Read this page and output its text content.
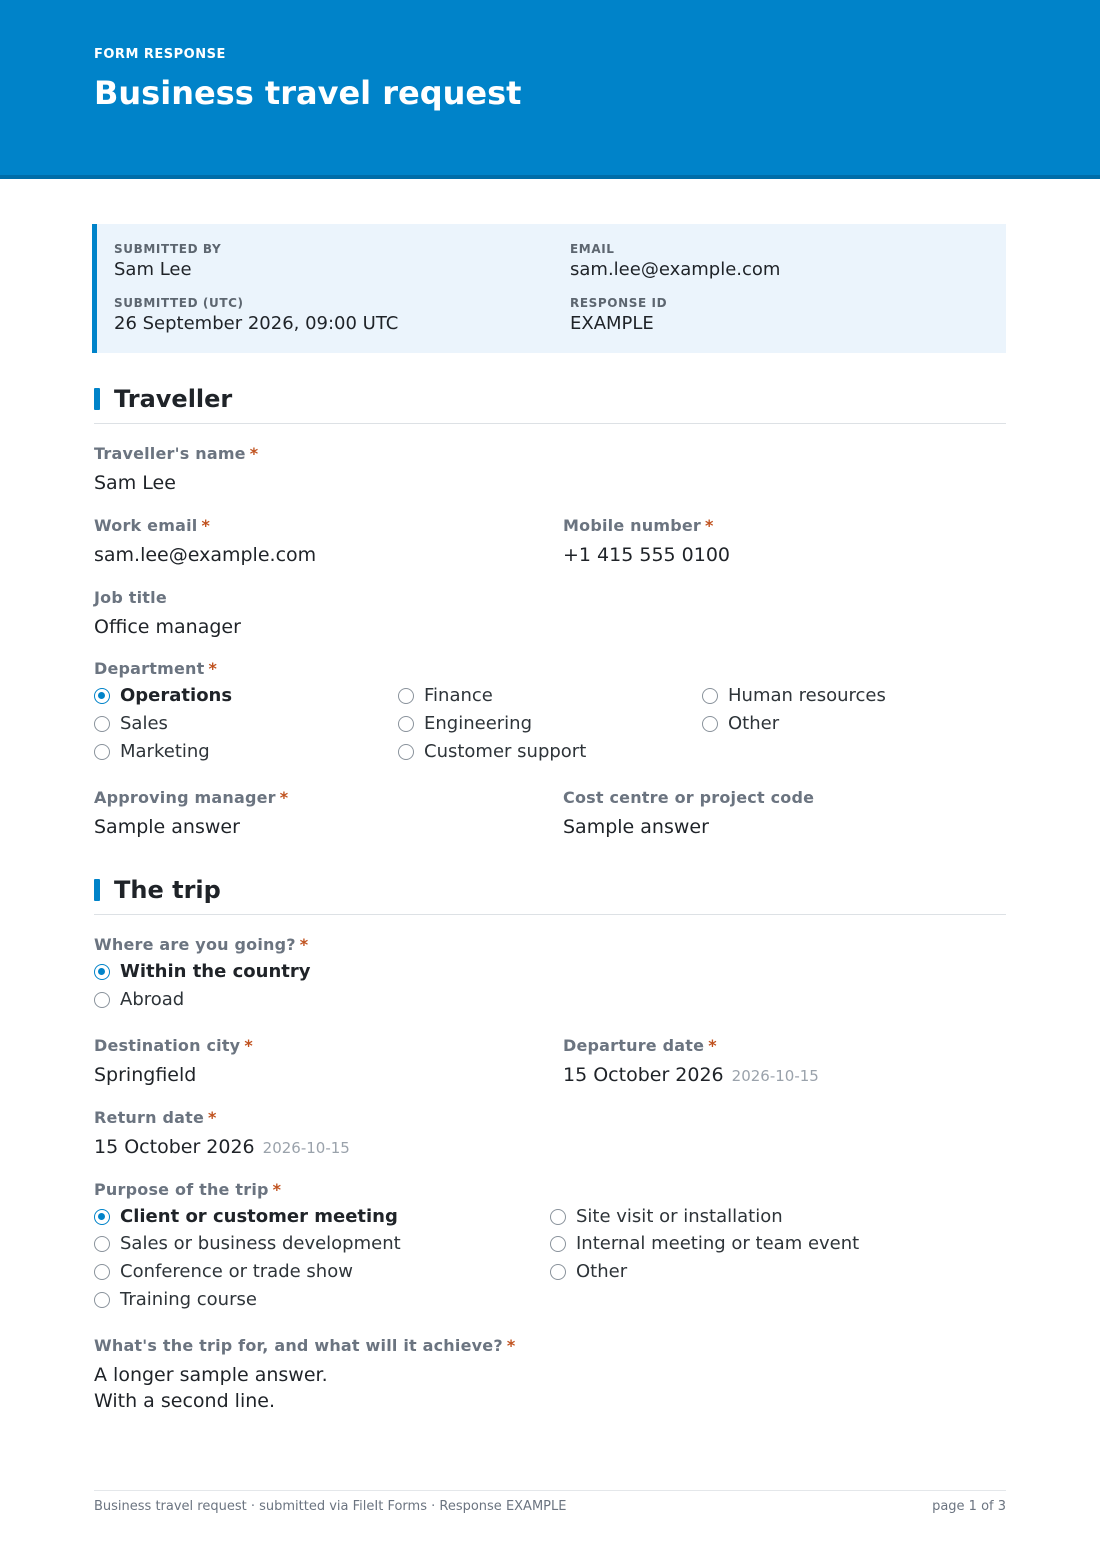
FORM RESPONSE
Business travel request
SUBMITTED BY
Sam Lee
EMAIL
sam.lee@example.com
SUBMITTED (UTC)
26 September 2026, 09:00 UTC
RESPONSE ID
EXAMPLE
Traveller
Traveller's name *
Sam Lee
Work email *
sam.lee@example.com
Mobile number *
+1 415 555 0100
Job title
Office manager
Department *
Operations
Sales
Marketing
Finance
Engineering
Customer support
Human resources
Other
Approving manager *
Sample answer
Cost centre or project code
Sample answer
The trip
Where are you going? *
Within the country
Abroad
Destination city *
Springfield
Departure date *
15 October 2026 2026-10-15
Return date *
15 October 2026 2026-10-15
Purpose of the trip *
Client or customer meeting
Sales or business development
Conference or trade show
Training course
Site visit or installation
Internal meeting or team event
Other
What's the trip for, and what will it achieve? *
A longer sample answer.
With a second line.
Business travel request · submitted via FileIt Forms · Response EXAMPLE	page 1 of 3
